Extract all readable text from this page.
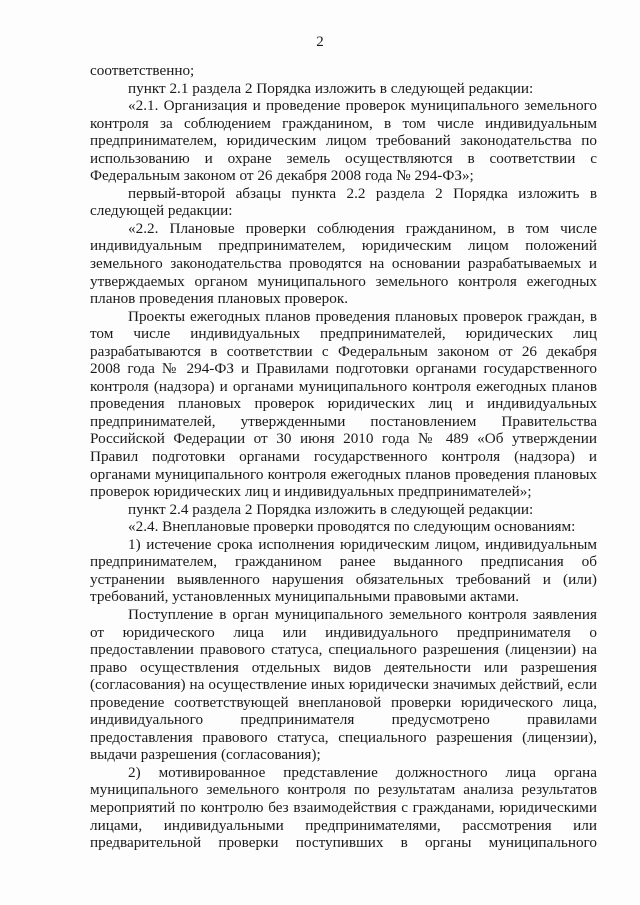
2
соответственно;
пункт 2.1 раздела 2 Порядка изложить в следующей редакции:
«2.1. Организация и проведение проверок муниципального земельного
контроля за соблюдением гражданином, в том числе индивидуальным
предпринимателем, юридическим лицом требований законодательства по
использованию и охране земель осуществляются в соответствии с
Федеральным законом от 26 декабря 2008 года № 294-ФЗ»;
первый-второй абзацы пункта 2.2 раздела 2 Порядка изложить в
следующей редакции:
«2.2. Плановые проверки соблюдения гражданином, в том числе
индивидуальным предпринимателем, юридическим лицом положений
земельного законодательства проводятся на основании разрабатываемых и
утверждаемых органом муниципального земельного контроля ежегодных
планов проведения плановых проверок.
Проекты ежегодных планов проведения плановых проверок граждан, в
том числе индивидуальных предпринимателей, юридических лиц
разрабатываются в соответствии с Федеральным законом от 26 декабря
2008 года № 294-ФЗ и Правилами подготовки органами государственного
контроля (надзора) и органами муниципального контроля ежегодных планов
проведения плановых проверок юридических лиц и индивидуальных
предпринимателей, утвержденными постановлением Правительства
Российской Федерации от 30 июня 2010 года № 489 «Об утверждении
Правил подготовки органами государственного контроля (надзора) и
органами муниципального контроля ежегодных планов проведения плановых
проверок юридических лиц и индивидуальных предпринимателей»;
пункт 2.4 раздела 2 Порядка изложить в следующей редакции:
«2.4. Внеплановые проверки проводятся по следующим основаниям:
1) истечение срока исполнения юридическим лицом, индивидуальным
предпринимателем, гражданином ранее выданного предписания об
устранении выявленного нарушения обязательных требований и (или)
требований, установленных муниципальными правовыми актами.
Поступление в орган муниципального земельного контроля заявления
от юридического лица или индивидуального предпринимателя о
предоставлении правового статуса, специального разрешения (лицензии) на
право осуществления отдельных видов деятельности или разрешения
(согласования) на осуществление иных юридически значимых действий, если
проведение соответствующей внеплановой проверки юридического лица,
индивидуального предпринимателя предусмотрено правилами
предоставления правового статуса, специального разрешения (лицензии),
выдачи разрешения (согласования);
2) мотивированное представление должностного лица органа
муниципального земельного контроля по результатам анализа результатов
мероприятий по контролю без взаимодействия с гражданами, юридическими
лицами, индивидуальными предпринимателями, рассмотрения или
предварительной проверки поступивших в органы муниципального
